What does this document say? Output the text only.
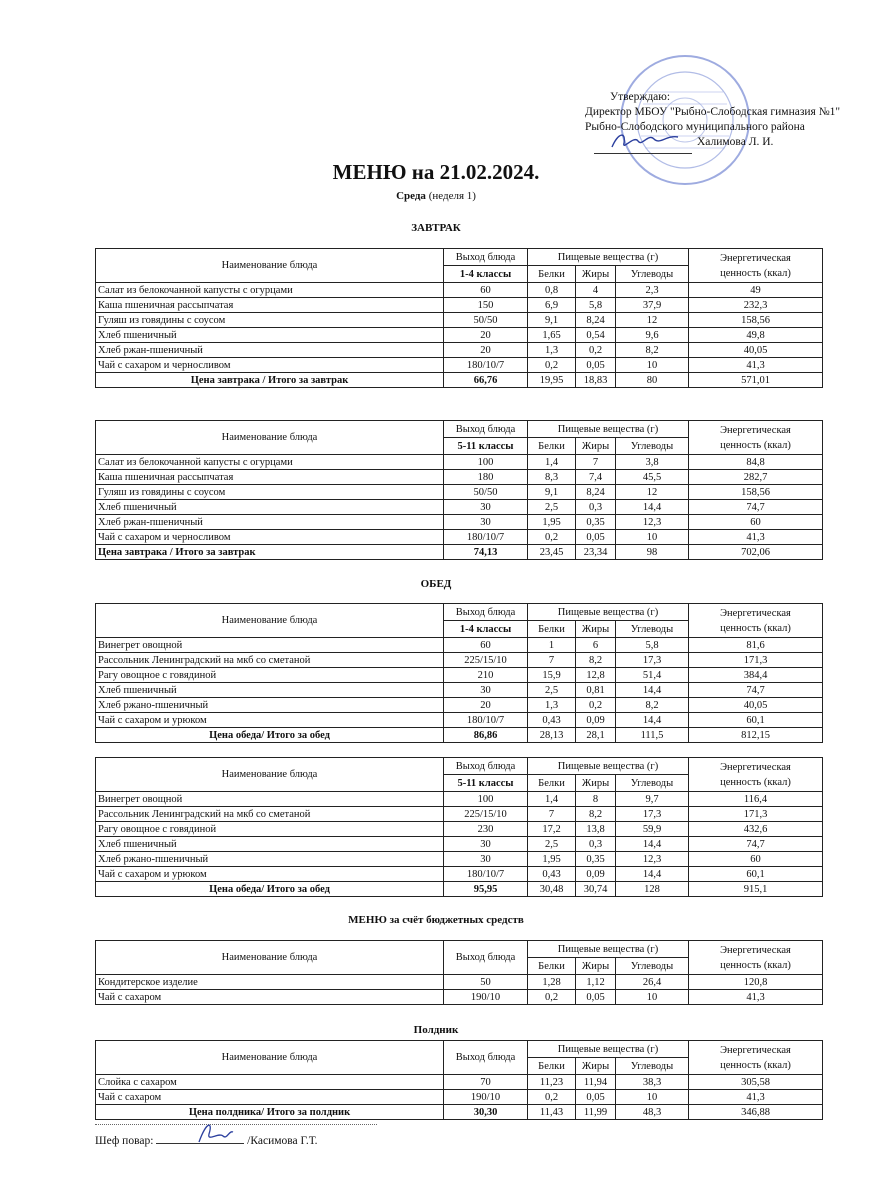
Утверждаю:
Директор МБОУ "Рыбно-Слободская гимназия №1"
Рыбно-Слободского муниципального района
Халимова Л. И.
МЕНЮ на 21.02.2024.
Среда (неделя 1)
ЗАВТРАК
Наименование блюда	Выход блюда	Пищевые вещества (г)			Энергетическая
ценность (ккал)
	1-4 классы	Белки	Жиры	Углеводы	
Салат из белокочанной капусты с огурцами	60	0,8	4	2,3	49
Каша пшеничная рассыпчатая	150	6,9	5,8	37,9	232,3
Гуляш из говядины с соусом	50/50	9,1	8,24	12	158,56
Хлеб пшеничный	20	1,65	0,54	9,6	49,8
Хлеб ржан-пшеничный	20	1,3	0,2	8,2	40,05
Чай с сахаром и черносливом	180/10/7	0,2	0,05	10	41,3
Цена завтрака / Итого за завтрак	66,76	19,95	18,83	80	571,01
Наименование блюда	Выход блюда	Пищевые вещества (г)			Энергетическая
ценность (ккал)
	5-11 классы	Белки	Жиры	Углеводы	
Салат из белокочанной капусты с огурцами	100	1,4	7	3,8	84,8
Каша пшеничная рассыпчатая	180	8,3	7,4	45,5	282,7
Гуляш из говядины с соусом	50/50	9,1	8,24	12	158,56
Хлеб пшеничный	30	2,5	0,3	14,4	74,7
Хлеб ржан-пшеничный	30	1,95	0,35	12,3	60
Чай с сахаром и черносливом	180/10/7	0,2	0,05	10	41,3
Цена завтрака / Итого за завтрак	74,13	23,45	23,34	98	702,06
ОБЕД
Наименование блюда	Выход блюда	Пищевые вещества (г)			Энергетическая
ценность (ккал)
	1-4 классы	Белки	Жиры	Углеводы	
Винегрет овощной	60	1	6	5,8	81,6
Рассольник Ленинградский на мкб со сметаной	225/15/10	7	8,2	17,3	171,3
Рагу овощное с говядиной	210	15,9	12,8	51,4	384,4
Хлеб пшеничный	30	2,5	0,81	14,4	74,7
Хлеб ржано-пшеничный	20	1,3	0,2	8,2	40,05
Чай с сахаром и урюком	180/10/7	0,43	0,09	14,4	60,1
Цена обеда/ Итого за обед	86,86	28,13	28,1	111,5	812,15
Наименование блюда	Выход блюда	Пищевые вещества (г)			Энергетическая
ценность (ккал)
	5-11 классы	Белки	Жиры	Углеводы	
Винегрет овощной	100	1,4	8	9,7	116,4
Рассольник Ленинградский на мкб со сметаной	225/15/10	7	8,2	17,3	171,3
Рагу овощное с говядиной	230	17,2	13,8	59,9	432,6
Хлеб пшеничный	30	2,5	0,3	14,4	74,7
Хлеб ржано-пшеничный	30	1,95	0,35	12,3	60
Чай с сахаром и урюком	180/10/7	0,43	0,09	14,4	60,1
Цена обеда/ Итого за обед	95,95	30,48	30,74	128	915,1
МЕНЮ за счёт бюджетных средств
Наименование блюда	Выход блюда	Пищевые вещества (г)			Энергетическая
ценность (ккал)
		Белки	Жиры	Углеводы	
Кондитерское изделие	50	1,28	1,12	26,4	120,8
Чай с сахаром	190/10	0,2	0,05	10	41,3
Полдник
Наименование блюда	Выход блюда	Пищевые вещества (г)			Энергетическая
ценность (ккал)
		Белки	Жиры	Углеводы	
Слойка с сахаром	70	11,23	11,94	38,3	305,58
Чай с сахаром	190/10	0,2	0,05	10	41,3
Цена полдника/ Итого за полдник	30,30	11,43	11,99	48,3	346,88
Шеф повар:	/Касимова Г.Т.
